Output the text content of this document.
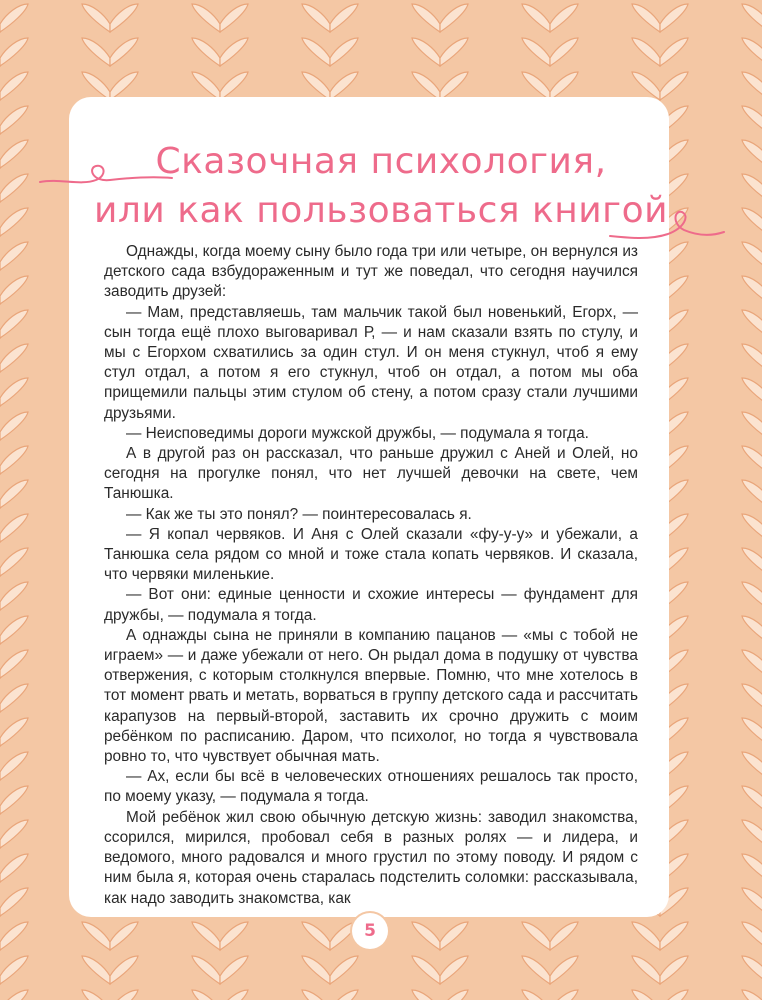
Сказочная психология,
или как пользоваться книгой

Однажды, когда моему сыну было года три или четыре, он вернулся из детского сада взбудораженным и тут же поведал, что сегодня научился заводить друзей:

— Мам, представляешь, там мальчик такой был новенький, Егорх, — сын тогда ещё плохо выговаривал Р, — и нам сказали взять по стулу, и мы с Егорхом схватились за один стул. И он меня стукнул, чтоб я ему стул отдал, а потом я его стукнул, чтоб он отдал, а потом мы оба прищемили пальцы этим стулом об стену, а потом сразу стали лучшими друзьями.

— Неисповедимы дороги мужской дружбы, — подумала я тогда.

А в другой раз он рассказал, что раньше дружил с Аней и Олей, но сегодня на прогулке понял, что нет лучшей девочки на свете, чем Танюшка.

— Как же ты это понял? — поинтересовалась я.

— Я копал червяков. И Аня с Олей сказали «фу-у-у» и убежали, а Танюшка села рядом со мной и тоже стала копать червяков. И сказала, что червяки миленькие.

— Вот они: единые ценности и схожие интересы — фундамент для дружбы, — подумала я тогда.

А однажды сына не приняли в компанию пацанов — «мы с тобой не играем» — и даже убежали от него. Он рыдал дома в подушку от чувства отвержения, с которым столкнулся впервые. Помню, что мне хотелось в тот момент рвать и метать, ворваться в группу детского сада и рассчитать карапузов на первый-второй, заставить их срочно дружить с моим ребёнком по расписанию. Даром, что психолог, но тогда я чувствовала ровно то, что чувствует обычная мать.

— Ах, если бы всё в человеческих отношениях решалось так просто, по моему указу, — подумала я тогда.

Мой ребёнок жил свою обычную детскую жизнь: заводил знакомства, ссорился, мирился, пробовал себя в разных ролях — и лидера, и ведомого, много радовался и много грустил по этому поводу. И рядом с ним была я, которая очень старалась подстелить соломки: рассказывала, как надо заводить знакомства, как

5
